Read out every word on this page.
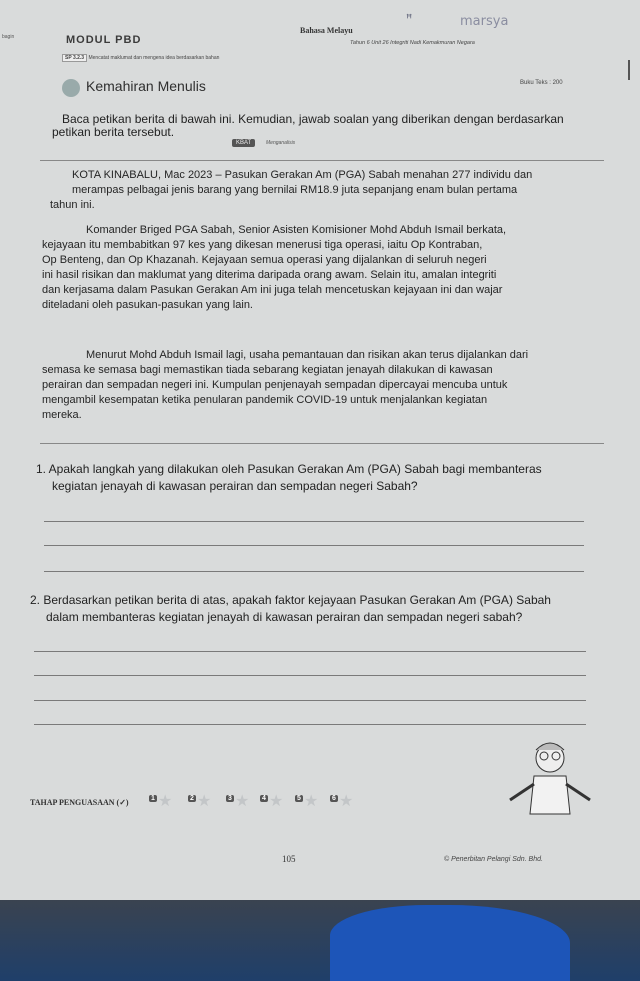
bagin	MODUL PBD
ꟸ	marsya
Bahasa Melayu
Tahun 6 Unit 26 Integriti Nadi Kemakmuran Negara
SP 3.2.3 Mencatat maklumat dan mengena idea berdasarkan bahan
Buku Teks : 200
Kemahiran Menulis
Baca petikan berita di bawah ini. Kemudian, jawab soalan yang diberikan dengan berdasarkan
petikan berita tersebut.
KBAT	Menganalisis
KOTA KINABALU, Mac 2023 – Pasukan Gerakan Am (PGA) Sabah menahan 277 individu dan
merampas pelbagai jenis barang yang bernilai RM18.9 juta sepanjang enam bulan pertama
tahun ini.
Komander Briged PGA Sabah, Senior Asisten Komisioner Mohd Abduh Ismail berkata,
kejayaan itu membabitkan 97 kes yang dikesan menerusi tiga operasi, iaitu Op Kontraban,
Op Benteng, dan Op Khazanah. Kejayaan semua operasi yang dijalankan di seluruh negeri
ini hasil risikan dan maklumat yang diterima daripada orang awam. Selain itu, amalan integriti
dan kerjasama dalam Pasukan Gerakan Am ini juga telah mencetuskan kejayaan ini dan wajar
diteladani oleh pasukan-pasukan yang lain.
Menurut Mohd Abduh Ismail lagi, usaha pemantauan dan risikan akan terus dijalankan dari
semasa ke semasa bagi memastikan tiada sebarang kegiatan jenayah dilakukan di kawasan
perairan dan sempadan negeri ini. Kumpulan penjenayah sempadan dipercayai mencuba untuk
mengambil kesempatan ketika penularan pandemik COVID-19 untuk menjalankan kegiatan
mereka.
1. Apakah langkah yang dilakukan oleh Pasukan Gerakan Am (PGA) Sabah bagi membanteras
kegiatan jenayah di kawasan perairan dan sempadan negeri Sabah?
2. Berdasarkan petikan berita di atas, apakah faktor kejayaan Pasukan Gerakan Am (PGA) Sabah
dalam membanteras kegiatan jenayah di kawasan perairan dan sempadan negeri sabah?
TAHAP PENGUASAAN (✓)	1 ★	2 ★ 3 ★ 4 ★ 5 ★ 6 ★
105	© Penerbitan Pelangi Sdn. Bhd.
